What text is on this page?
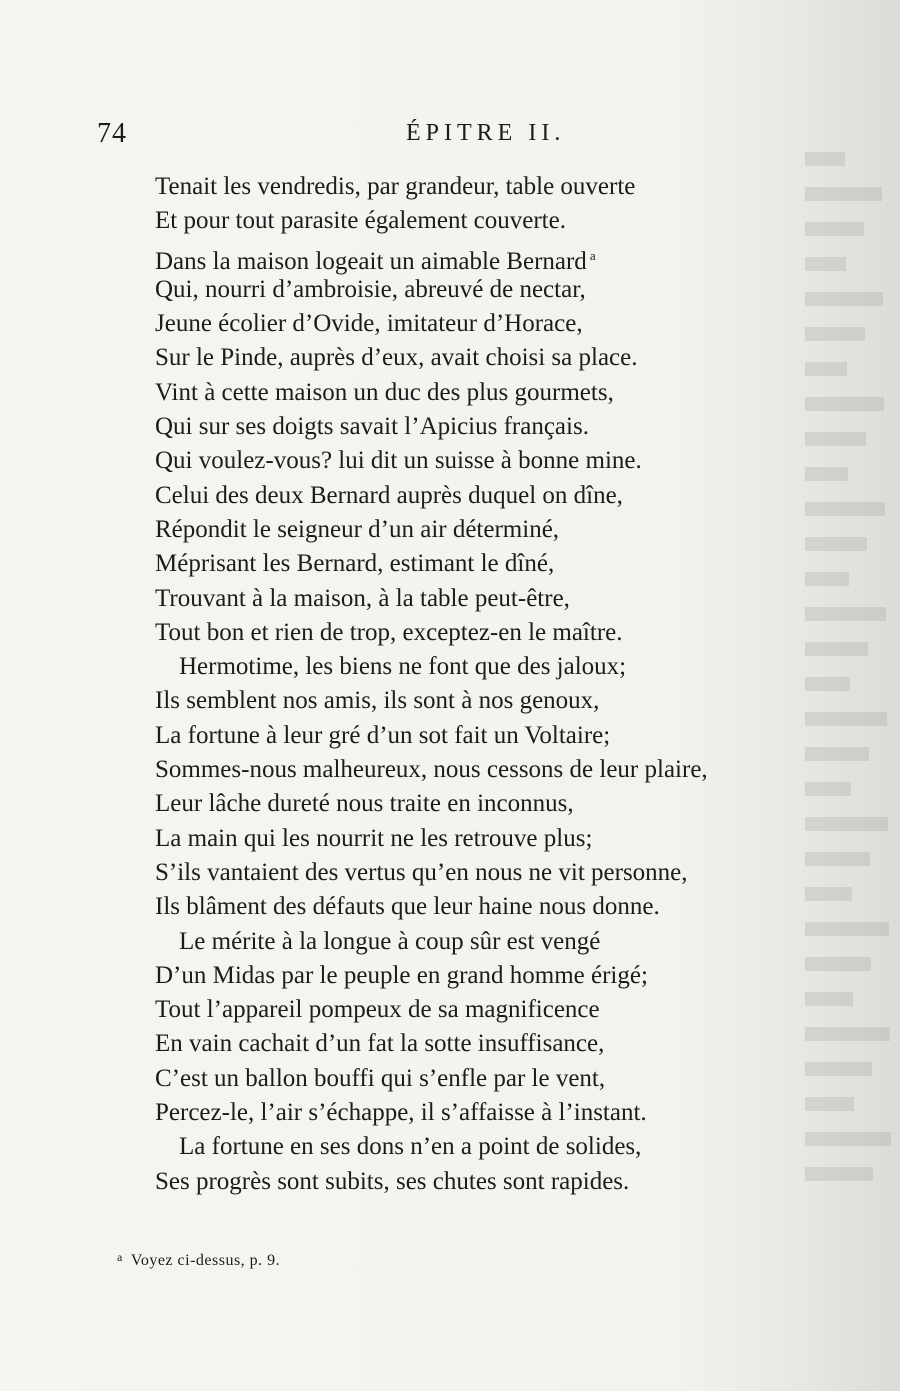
74	ÉPITRE II.
Tenait les vendredis, par grandeur, table ouverte
Et pour tout parasite également couverte.
Dans la maison logeait un aimable Bernard $^a$
Qui, nourri d’ambroisie, abreuvé de nectar,
Jeune écolier d’Ovide, imitateur d’Horace,
Sur le Pinde, auprès d’eux, avait choisi sa place.
Vint à cette maison un duc des plus gourmets,
Qui sur ses doigts savait l’Apicius français.
Qui voulez-vous? lui dit un suisse à bonne mine.
Celui des deux Bernard auprès duquel on dîne,
Répondit le seigneur d’un air déterminé,
Méprisant les Bernard, estimant le dîné,
Trouvant à la maison, à la table peut-être,
Tout bon et rien de trop, exceptez-en le maître.
Hermotime, les biens ne font que des jaloux;
Ils semblent nos amis, ils sont à nos genoux,
La fortune à leur gré d’un sot fait un Voltaire;
Sommes-nous malheureux, nous cessons de leur plaire,
Leur lâche dureté nous traite en inconnus,
La main qui les nourrit ne les retrouve plus;
S’ils vantaient des vertus qu’en nous ne vit personne,
Ils blâment des défauts que leur haine nous donne.
Le mérite à la longue à coup sûr est vengé
D’un Midas par le peuple en grand homme érigé;
Tout l’appareil pompeux de sa magnificence
En vain cachait d’un fat la sotte insuffisance,
C’est un ballon bouffi qui s’enfle par le vent,
Percez-le, l’air s’échappe, il s’affaisse à l’instant.
La fortune en ses dons n’en a point de solides,
Ses progrès sont subits, ses chutes sont rapides.
$^a$ Voyez ci-dessus, p. 9.
